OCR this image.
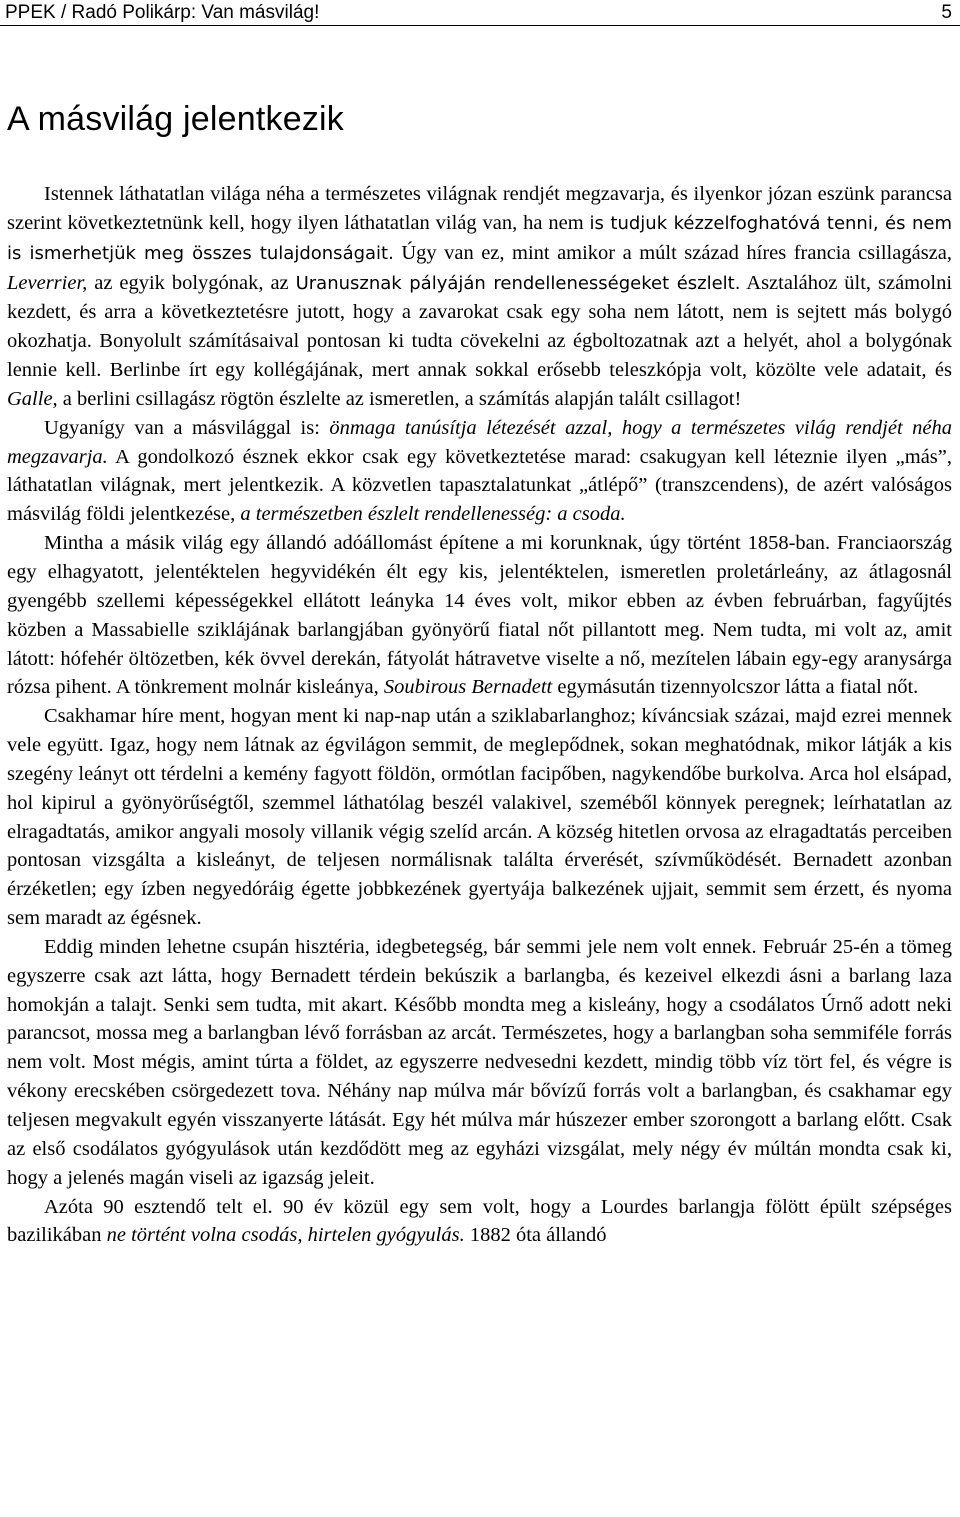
PPEK / Radó Polikárp: Van másvilág!	5
A másvilág jelentkezik

Istennek láthatatlan világa néha a természetes világnak rendjét megzavarja, és ilyenkor józan eszünk parancsa szerint következtetnünk kell, hogy ilyen láthatatlan világ van, ha nem is tudjuk kézzelfoghatóvá tenni, és nem is ismerhetjük meg összes tulajdonságait. Úgy van ez, mint amikor a múlt század híres francia csillagásza, Leverrier, az egyik bolygónak, az Uranusznak pályáján rendellenességeket észlelt. Asztalához ült, számolni kezdett, és arra a következtetésre jutott, hogy a zavarokat csak egy soha nem látott, nem is sejtett más bolygó okozhatja. Bonyolult számításaival pontosan ki tudta cövekelni az égboltozatnak azt a helyét, ahol a bolygónak lennie kell. Berlinbe írt egy kollégájának, mert annak sokkal erősebb teleszkópja volt, közölte vele adatait, és Galle, a berlini csillagász rögtön észlelte az ismeretlen, a számítás alapján talált csillagot!

Ugyanígy van a másvilággal is: önmaga tanúsítja létezését azzal, hogy a természetes világ rendjét néha megzavarja. A gondolkozó észnek ekkor csak egy következtetése marad: csakugyan kell léteznie ilyen „más”, láthatatlan világnak, mert jelentkezik. A közvetlen tapasztalatunkat „átlépő” (transzcendens), de azért valóságos másvilág földi jelentkezése, a természetben észlelt rendellenesség: a csoda.

Mintha a másik világ egy állandó adóállomást építene a mi korunknak, úgy történt 1858-ban. Franciaország egy elhagyatott, jelentéktelen hegyvidékén élt egy kis, jelentéktelen, ismeretlen proletárleány, az átlagosnál gyengébb szellemi képességekkel ellátott leányka 14 éves volt, mikor ebben az évben februárban, fagyűjtés közben a Massabielle sziklájának barlangjában gyönyörű fiatal nőt pillantott meg. Nem tudta, mi volt az, amit látott: hófehér öltözetben, kék övvel derekán, fátyolát hátravetve viselte a nő, mezítelen lábain egy-egy aranysárga rózsa pihent. A tönkrement molnár kisleánya, Soubirous Bernadett egymásután tizennyolcszor látta a fiatal nőt.

Csakhamar híre ment, hogyan ment ki nap-nap után a sziklabarlanghoz; kíváncsiak százai, majd ezrei mennek vele együtt. Igaz, hogy nem látnak az égvilágon semmit, de meglepődnek, sokan meghatódnak, mikor látják a kis szegény leányt ott térdelni a kemény fagyott földön, ormótlan facipőben, nagykendőbe burkolva. Arca hol elsápad, hol kipirul a gyönyörűségtől, szemmel láthatólag beszél valakivel, szeméből könnyek peregnek; leírhatatlan az elragadtatás, amikor angyali mosoly villanik végig szelíd arcán. A község hitetlen orvosa az elragadtatás perceiben pontosan vizsgálta a kisleányt, de teljesen normálisnak találta érverését, szívműködését. Bernadett azonban érzéketlen; egy ízben negyedóráig égette jobbkezének gyertyája balkezének ujjait, semmit sem érzett, és nyoma sem maradt az égésnek.

Eddig minden lehetne csupán hisztéria, idegbetegség, bár semmi jele nem volt ennek. Február 25-én a tömeg egyszerre csak azt látta, hogy Bernadett térdein bekúszik a barlangba, és kezeivel elkezdi ásni a barlang laza homokján a talajt. Senki sem tudta, mit akart. Később mondta meg a kisleány, hogy a csodálatos Úrnő adott neki parancsot, mossa meg a barlangban lévő forrásban az arcát. Természetes, hogy a barlangban soha semmiféle forrás nem volt. Most mégis, amint túrta a földet, az egyszerre nedvesedni kezdett, mindig több víz tört fel, és végre is vékony erecskében csörgedezett tova. Néhány nap múlva már bővízű forrás volt a barlangban, és csakhamar egy teljesen megvakult egyén visszanyerte látását. Egy hét múlva már húszezer ember szorongott a barlang előtt. Csak az első csodálatos gyógyulások után kezdődött meg az egyházi vizsgálat, mely négy év múltán mondta csak ki, hogy a jelenés magán viseli az igazság jeleit.

Azóta 90 esztendő telt el. 90 év közül egy sem volt, hogy a Lourdes barlangja fölött épült szépséges bazilikában ne történt volna csodás, hirtelen gyógyulás. 1882 óta állandó
